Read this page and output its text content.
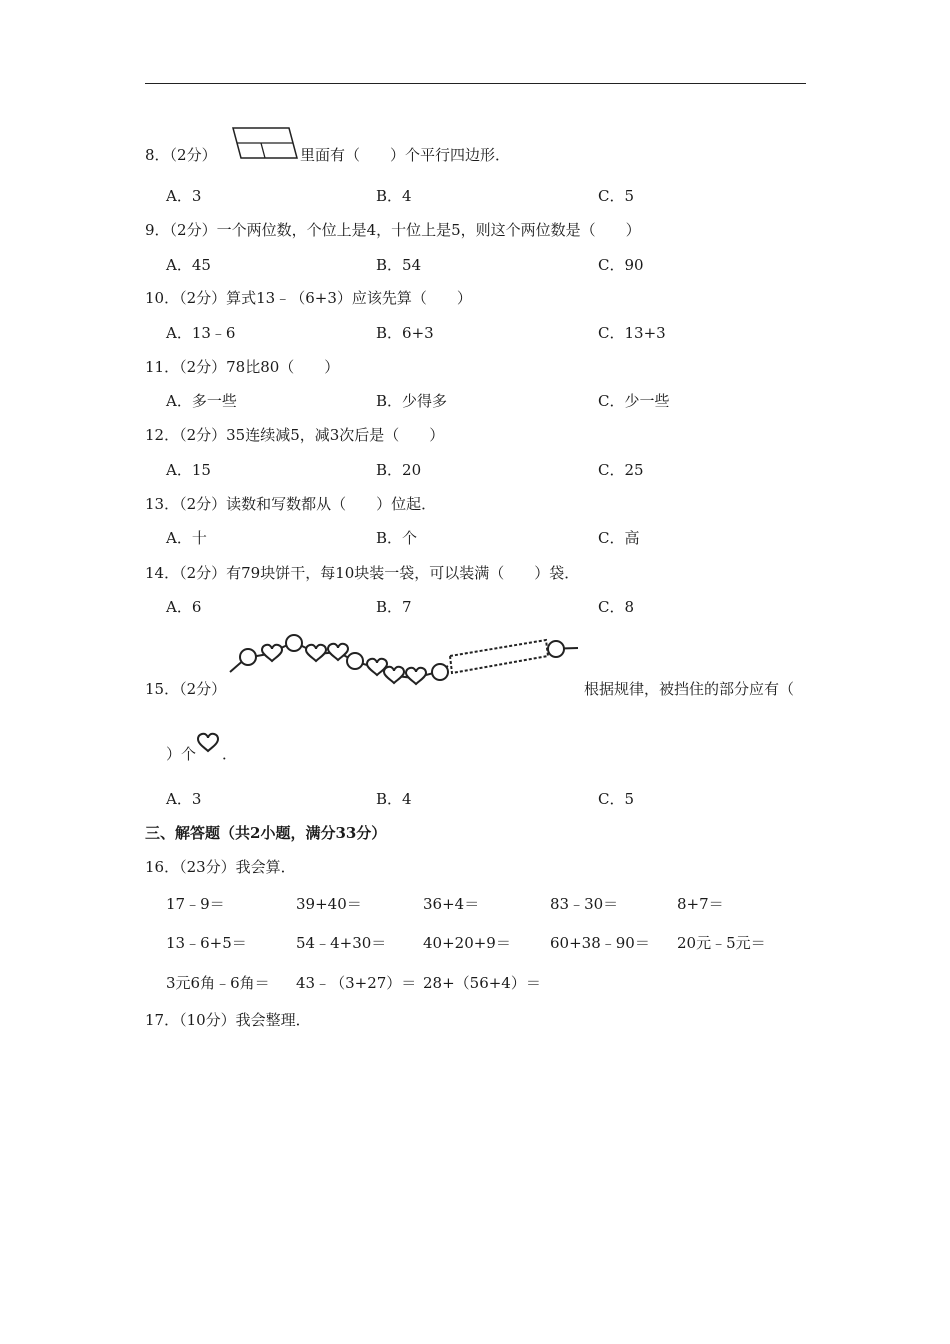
8．（2分）	里面有（　　）个平行四边形．
A．3	B．4	C．5
9．（2分）一个两位数，个位上是4，十位上是5，则这个两位数是（　　）
A．45	B．54	C．90
10．（2分）算式13﹣（6+3）应该先算（　　）
A．13﹣6	B．6+3	C．13+3
11．（2分）78比80（　　）
A．多一些	B．少得多	C．少一些
12．（2分）35连续减5，减3次后是（　　）
A．15	B．20	C．25
13．（2分）读数和写数都从（　　）位起．
A．十	B．个	C．高
14．（2分）有79块饼干，每10块装一袋，可以装满（　　）袋．
A．6	B．7	C．8
15．（2分）	根据规律，被挡住的部分应有（
）个 ．
A．3	B．4	C．5
三、解答题（共2小题，满分33分）
16．（23分）我会算．
17﹣9＝	39+40＝	36+4＝	83﹣30＝	8+7＝
13﹣6+5＝	54﹣4+30＝ 40+20+9＝	60+38﹣90＝ 20元﹣5元＝
3元6角﹣6角＝ 43﹣（3+27）＝ 28+（56+4）＝
17．（10分）我会整理．
